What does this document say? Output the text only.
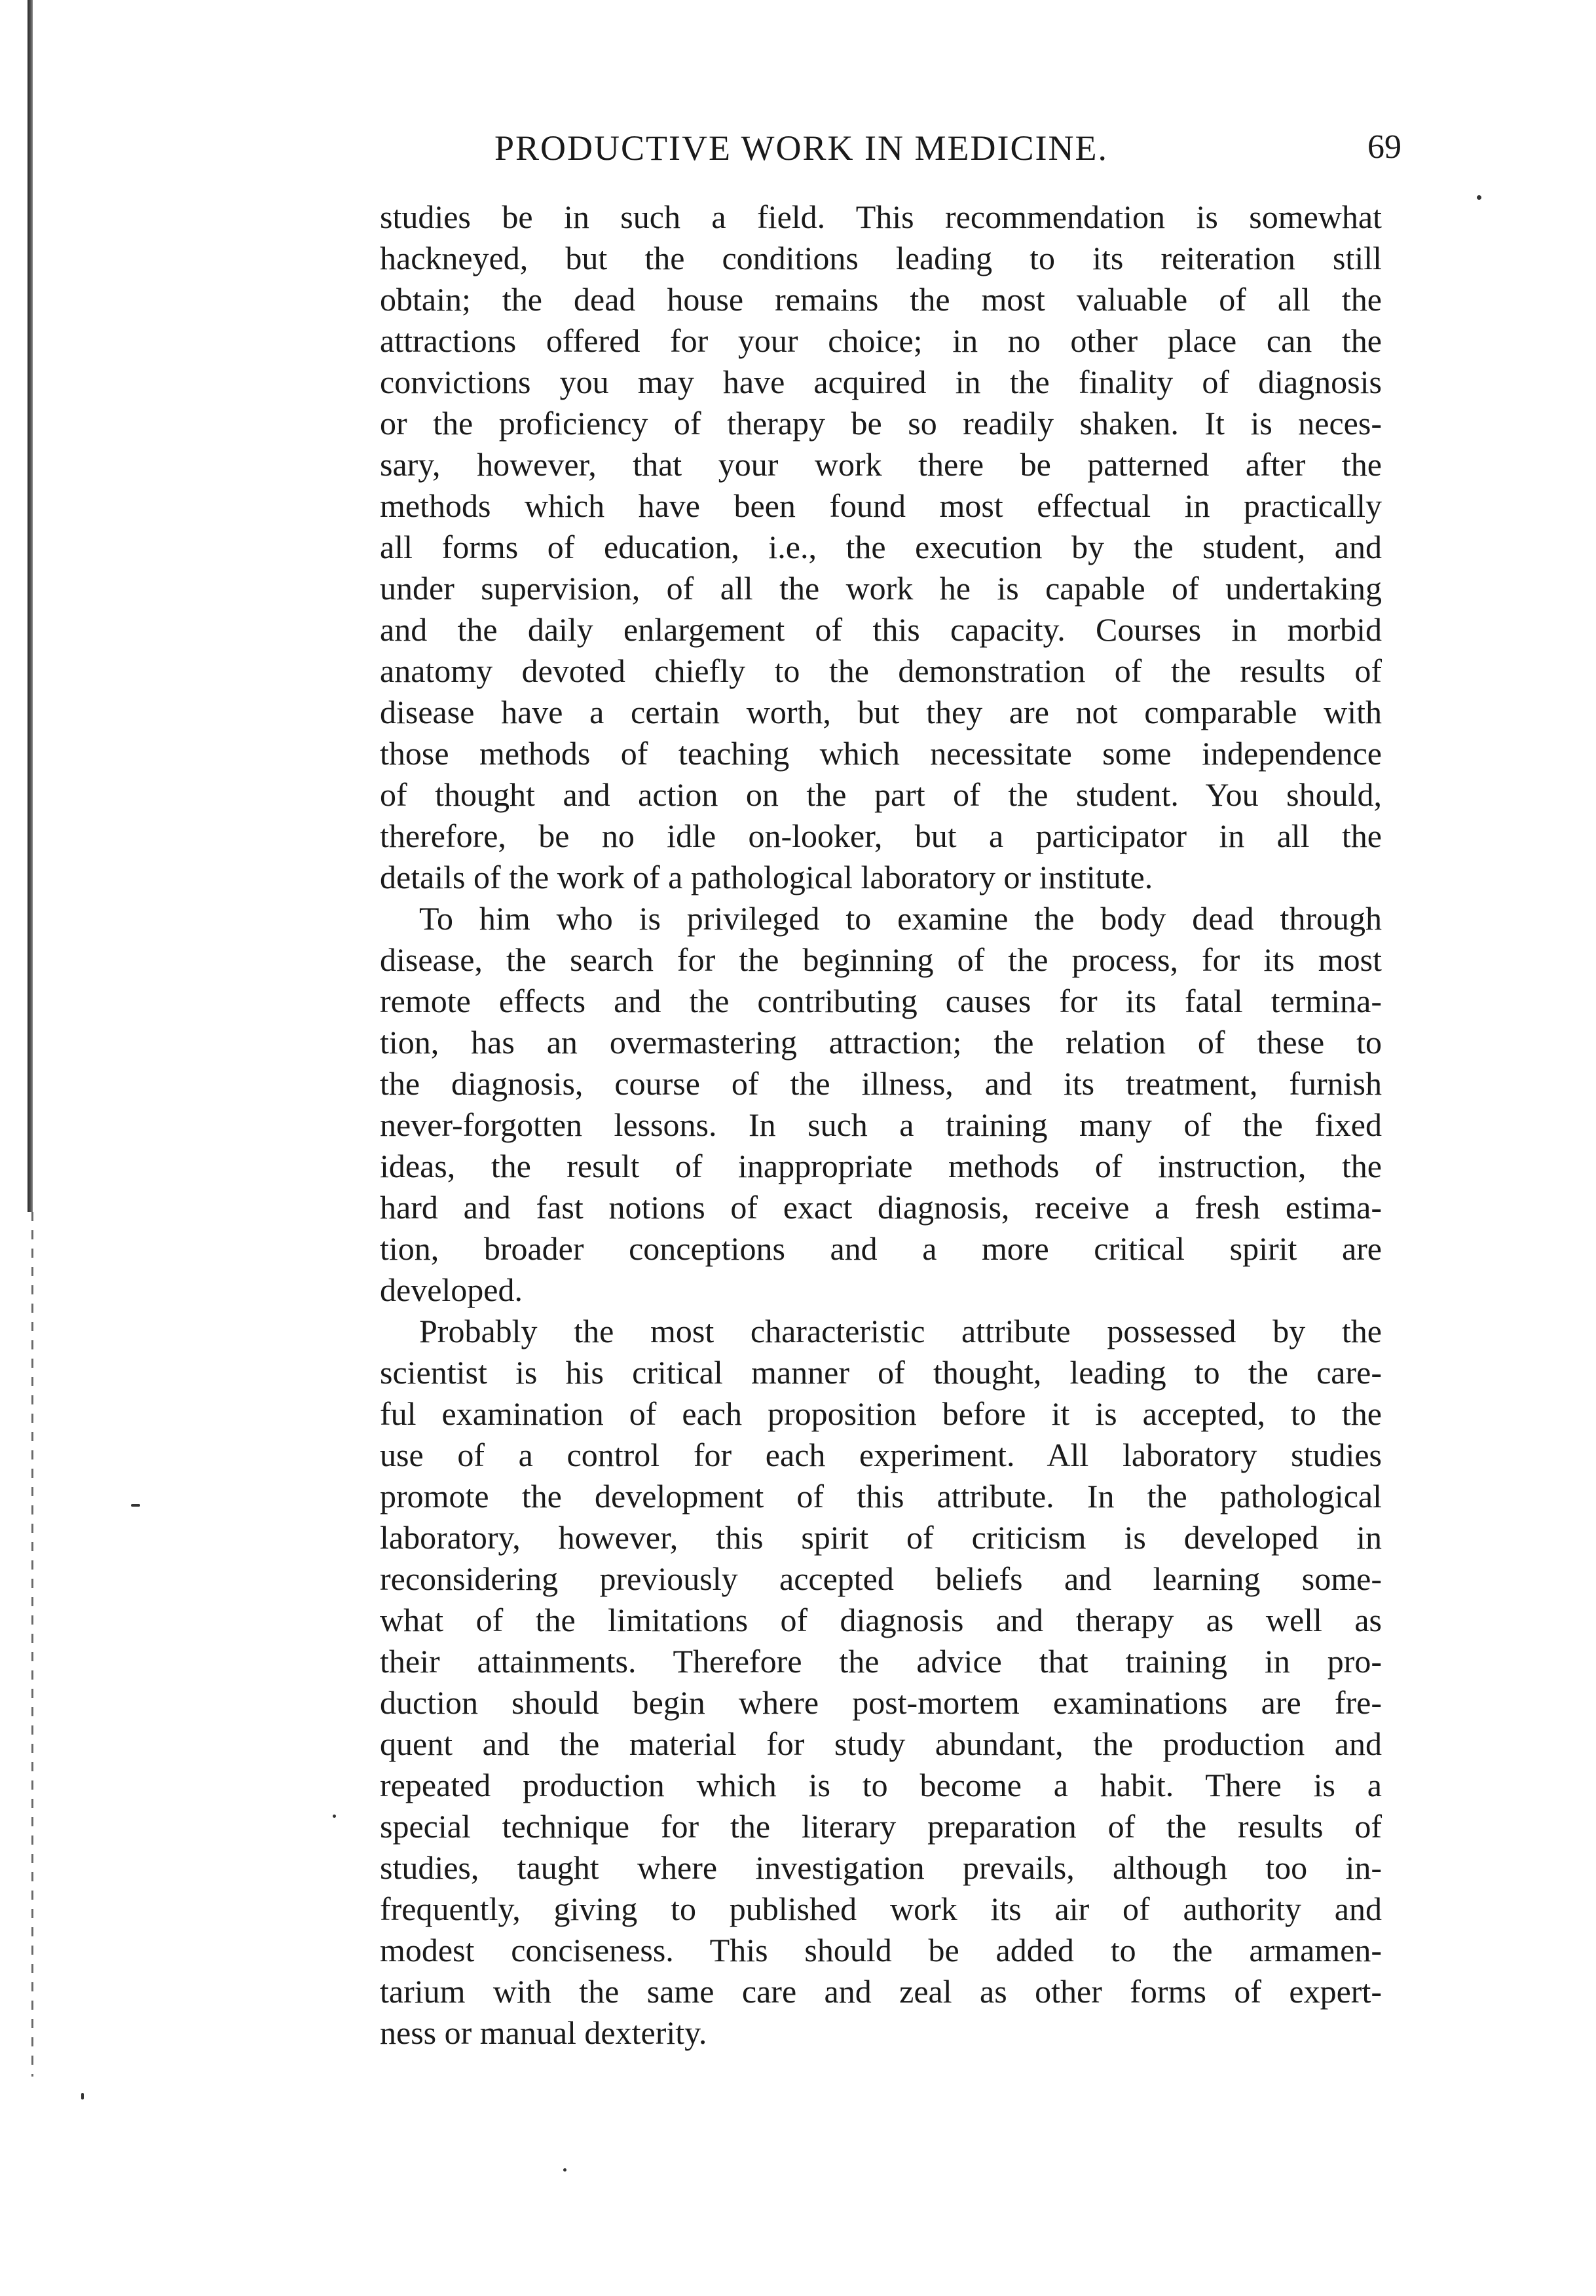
PRODUCTIVE WORK IN MEDICINE.	69
studies be in such a field. This recommendation is somewhat
hackneyed, but the conditions leading to its reiteration still
obtain; the dead house remains the most valuable of all the
attractions offered for your choice; in no other place can the
convictions you may have acquired in the finality of diagnosis
or the proficiency of therapy be so readily shaken. It is neces-
sary, however, that your work there be patterned after the
methods which have been found most effectual in practically
all forms of education, i.e., the execution by the student, and
under supervision, of all the work he is capable of undertaking
and the daily enlargement of this capacity. Courses in morbid
anatomy devoted chiefly to the demonstration of the results of
disease have a certain worth, but they are not comparable with
those methods of teaching which necessitate some independence
of thought and action on the part of the student. You should,
therefore, be no idle on-looker, but a participator in all the
details of the work of a pathological laboratory or institute.
To him who is privileged to examine the body dead through
disease, the search for the beginning of the process, for its most
remote effects and the contributing causes for its fatal termina-
tion, has an overmastering attraction; the relation of these to
the diagnosis, course of the illness, and its treatment, furnish
never-forgotten lessons. In such a training many of the fixed
ideas, the result of inappropriate methods of instruction, the
hard and fast notions of exact diagnosis, receive a fresh estima-
tion, broader conceptions and a more critical spirit are
developed.
Probably the most characteristic attribute possessed by the
scientist is his critical manner of thought, leading to the care-
ful examination of each proposition before it is accepted, to the
use of a control for each experiment. All laboratory studies
promote the development of this attribute. In the pathological
laboratory, however, this spirit of criticism is developed in
reconsidering previously accepted beliefs and learning some-
what of the limitations of diagnosis and therapy as well as
their attainments. Therefore the advice that training in pro-
duction should begin where post-mortem examinations are fre-
quent and the material for study abundant, the production and
repeated production which is to become a habit. There is a
special technique for the literary preparation of the results of
studies, taught where investigation prevails, although too in-
frequently, giving to published work its air of authority and
modest conciseness. This should be added to the armamen-
tarium with the same care and zeal as other forms of expert-
ness or manual dexterity.
